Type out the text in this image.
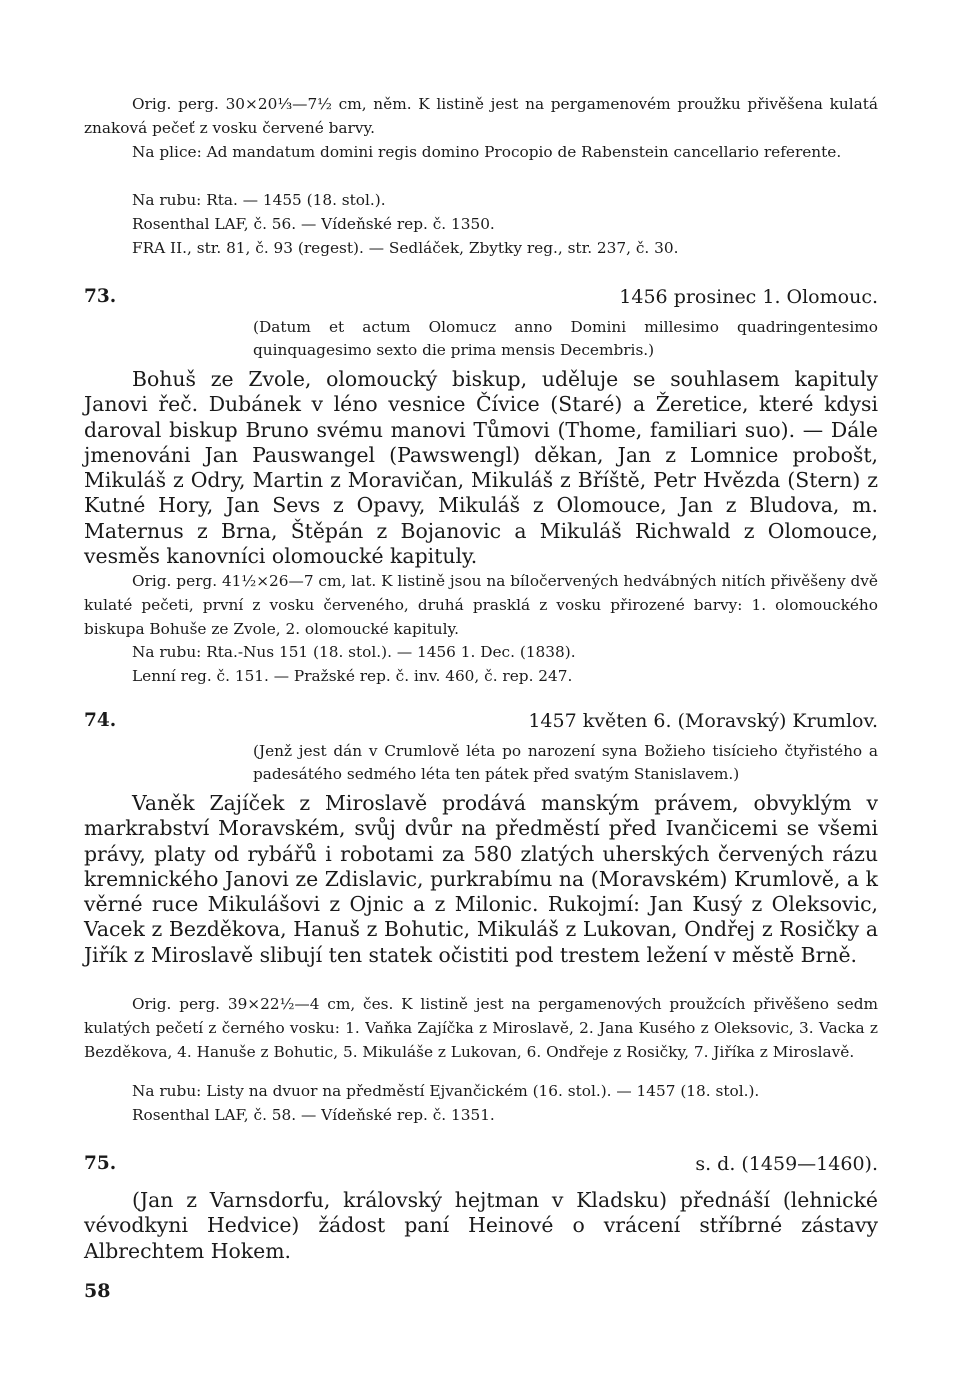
Orig. perg. 30×20⅓—7½ cm, něm. K listině jest na pergamenovém proužku přivěšena kulatá znaková pečeť z vosku červené barvy.
Na plice: Ad mandatum domini regis domino Procopio de Rabenstein cancellario referente.
Na rubu: Rta. — 1455 (18. stol.).
Rosenthal LAF, č. 56. — Vídeňské rep. č. 1350.
FRA II., str. 81, č. 93 (regest). — Sedláček, Zbytky reg., str. 237, č. 30.
73.	1456 prosinec 1. Olomouc.
(Datum et actum Olomucz anno Domini millesimo quadringentesimo quinquagesimo sexto die prima mensis Decembris.)
Bohuš ze Zvole, olomoucký biskup, uděluje se souhlasem kapituly Janovi řeč. Dubánek v léno vesnice Čívice (Staré) a Žeretice, které kdysi daroval biskup Bruno svému manovi Tůmovi (Thome, familiari suo). — Dále jmenováni Jan Pauswangel (Pawswengl) děkan, Jan z Lomnice probošt, Mikuláš z Odry, Martin z Moravičan, Mikuláš z Bříště, Petr Hvězda (Stern) z Kutné Hory, Jan Sevs z Opavy, Mikuláš z Olomouce, Jan z Bludova, m. Maternus z Brna, Štěpán z Bojanovic a Mikuláš Richwald z Olomouce, vesměs kanovníci olomoucké kapituly.
Orig. perg. 41½×26—7 cm, lat. K listině jsou na bíločervených hedvábných nitích přivěšeny dvě kulaté pečeti, první z vosku červeného, druhá prasklá z vosku přirozené barvy: 1. olomouckého biskupa Bohuše ze Zvole, 2. olomoucké kapituly.
Na rubu: Rta.-Nus 151 (18. stol.). — 1456 1. Dec. (1838).
Lenní reg. č. 151. — Pražské rep. č. inv. 460, č. rep. 247.
74.	1457 květen 6. (Moravský) Krumlov.
(Jenž jest dán v Crumlově léta po narození syna Božieho tisícieho čtyřistého a padesátého sedmého léta ten pátek před svatým Stanislavem.)
Vaněk Zajíček z Miroslavě prodává manským právem, obvyklým v markrabství Moravském, svůj dvůr na předměstí před Ivančicemi se všemi právy, platy od rybářů i robotami za 580 zlatých uherských červených rázu kremnického Janovi ze Zdislavic, purkrabímu na (Moravském) Krumlově, a k věrné ruce Mikulášovi z Ojnic a z Milonic. Rukojmí: Jan Kusý z Oleksovic, Vacek z Bezděkova, Hanuš z Bohutic, Mikuláš z Lukovan, Ondřej z Rosičky a Jiřík z Miroslavě slibují ten statek očistiti pod trestem ležení v městě Brně.
Orig. perg. 39×22½—4 cm, čes. K listině jest na pergamenových proužcích přivěšeno sedm kulatých pečetí z černého vosku: 1. Vaňka Zajíčka z Miroslavě, 2. Jana Kusého z Oleksovic, 3. Vacka z Bezděkova, 4. Hanuše z Bohutic, 5. Mikuláše z Lukovan, 6. Ondřeje z Rosičky, 7. Jiříka z Miroslavě.
Na rubu: Listy na dvuor na předměstí Ejvančickém (16. stol.). — 1457 (18. stol.).
Rosenthal LAF, č. 58. — Vídeňské rep. č. 1351.
75.	s. d. (1459—1460).
(Jan z Varnsdorfu, královský hejtman v Kladsku) přednáší (lehnické vévodkyni Hedvice) žádost paní Heinové o vrácení stříbrné zástavy Albrechtem Hokem.
58
